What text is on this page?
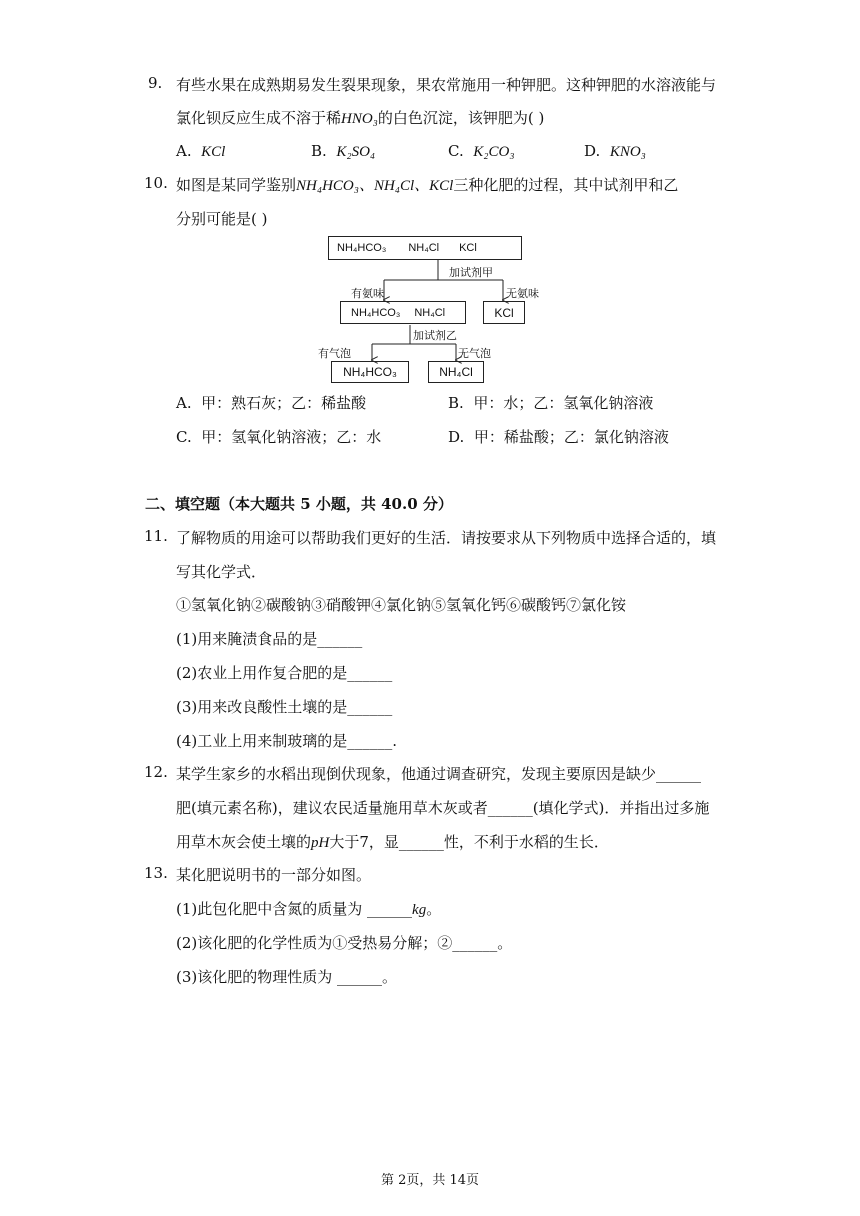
9. 有些水果在成熟期易发生裂果现象，果农常施用一种钾肥。这种钾肥的水溶液能与
氯化钡反应生成不溶于稀HNO₃的白色沉淀，该钾肥为( )
A. KCl	B. K₂SO₄	C. K₂CO₃	D. KNO₃
10. 如图是某同学鉴别NH₄HCO₃、NH₄Cl、KCl三种化肥的过程，其中试剂甲和乙
分别可能是( )
NH₄HCO₃ NH₄Cl KCl
加试剂甲
有氨味	无氨味
NH₄HCO₃ NH₄Cl	KCl
加试剂乙
有气泡	无气泡
NH₄HCO₃	NH₄Cl
A. 甲：熟石灰；乙：稀盐酸	B. 甲：水；乙：氢氧化钠溶液
C. 甲：氢氧化钠溶液；乙：水	D. 甲：稀盐酸；乙：氯化钠溶液
二、填空题（本大题共 5 小题，共 40.0 分）
11. 了解物质的用途可以帮助我们更好的生活．请按要求从下列物质中选择合适的，填
写其化学式．
①氢氧化钠②碳酸钠③硝酸钾④氯化钠⑤氢氧化钙⑥碳酸钙⑦氯化铵
(1)用来腌渍食品的是______
(2)农业上用作复合肥的是______
(3)用来改良酸性土壤的是______
(4)工业上用来制玻璃的是______.
12. 某学生家乡的水稻出现倒伏现象，他通过调查研究，发现主要原因是缺少______
肥(填元素名称)，建议农民适量施用草木灰或者______(填化学式)．并指出过多施
用草木灰会使土壤的pH大于7，显______性，不利于水稻的生长．
13. 某化肥说明书的一部分如图。
(1)此包化肥中含氮的质量为 ______kg。
(2)该化肥的化学性质为①受热易分解；②______。
(3)该化肥的物理性质为 ______。
第 2页，共 14页
